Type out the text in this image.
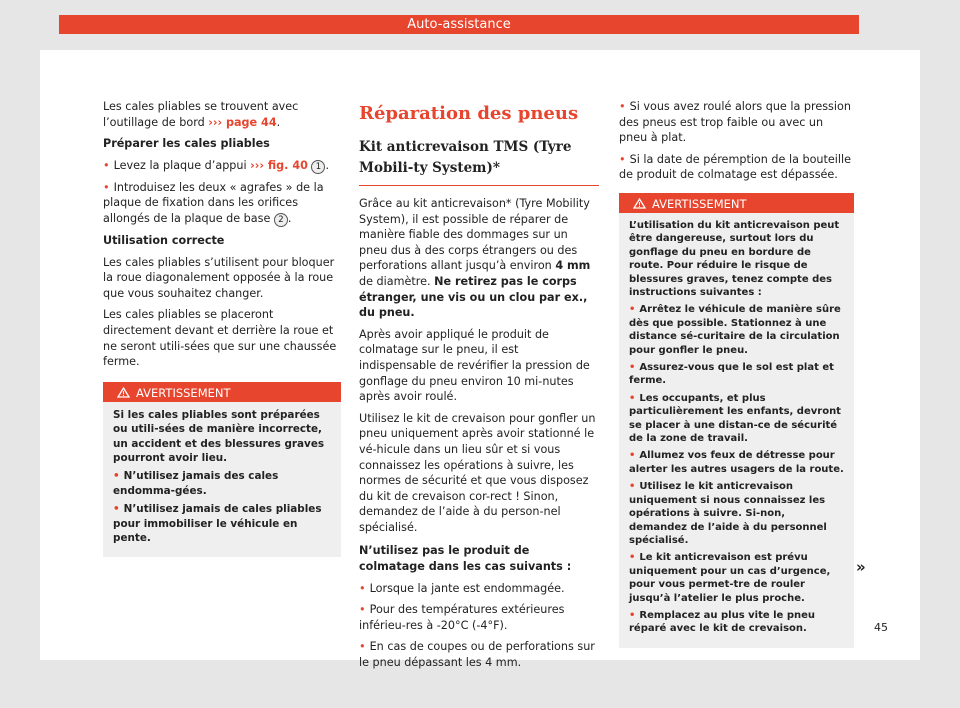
Auto-assistance

Les cales pliables se trouvent avec l’outillage de bord ››› page 44.

Préparer les cales pliables

• Levez la plaque d’appui ››› fig. 40 1 .

• Introduisez les deux « agrafes » de la plaque de fixation dans les orifices allongés de la plaque de base 2 .

Utilisation correcte

Les cales pliables s’utilisent pour bloquer la roue diagonalement opposée à la roue que vous souhaitez changer.

Les cales pliables se placeront directement devant et derrière la roue et ne seront utili-sées que sur une chaussée ferme.

AVERTISSEMENT

Si les cales pliables sont préparées ou utili-sées de manière incorrecte, un accident et des blessures graves pourront avoir lieu.

• N’utilisez jamais des cales endomma-gées.

• N’utilisez jamais de cales pliables pour immobiliser le véhicule en pente.

Réparation des pneus
Kit anticrevaison TMS (Tyre Mobili-ty System)*

Grâce au kit anticrevaison* (Tyre Mobility System), il est possible de réparer de manière fiable des dommages sur un pneu dus à des corps étrangers ou des perforations allant jusqu’à environ 4 mm de diamètre. Ne retirez pas le corps étranger, une vis ou un clou par ex., du pneu.

Après avoir appliqué le produit de colmatage sur le pneu, il est indispensable de revérifier la pression de gonflage du pneu environ 10 mi-nutes après avoir roulé.

Utilisez le kit de crevaison pour gonfler un pneu uniquement après avoir stationné le vé-hicule dans un lieu sûr et si vous connaissez les opérations à suivre, les normes de sécurité et que vous disposez du kit de crevaison cor-rect ! Sinon, demandez de l’aide à du person-nel spécialisé.

N’utilisez pas le produit de colmatage dans les cas suivants :

• Lorsque la jante est endommagée.

• Pour des températures extérieures inférieu-res à -20°C (-4°F).

• En cas de coupes ou de perforations sur le pneu dépassant les 4 mm.

• Si vous avez roulé alors que la pression des pneus est trop faible ou avec un pneu à plat.

• Si la date de péremption de la bouteille de produit de colmatage est dépassée.

AVERTISSEMENT

L’utilisation du kit anticrevaison peut être dangereuse, surtout lors du gonflage du pneu en bordure de route. Pour réduire le risque de blessures graves, tenez compte des instructions suivantes :

• Arrêtez le véhicule de manière sûre dès que possible. Stationnez à une distance sé-curitaire de la circulation pour gonfler le pneu.

• Assurez-vous que le sol est plat et ferme.

• Les occupants, et plus particulièrement les enfants, devront se placer à une distan-ce de sécurité de la zone de travail.

• Allumez vos feux de détresse pour alerter les autres usagers de la route.

• Utilisez le kit anticrevaison uniquement si nous connaissez les opérations à suivre. Si-non, demandez de l’aide à du personnel spécialisé.

• Le kit anticrevaison est prévu uniquement pour un cas d’urgence, pour vous permet-tre de rouler jusqu’à l’atelier le plus proche.

• Remplacez au plus vite le pneu réparé avec le kit de crevaison.

»
45
